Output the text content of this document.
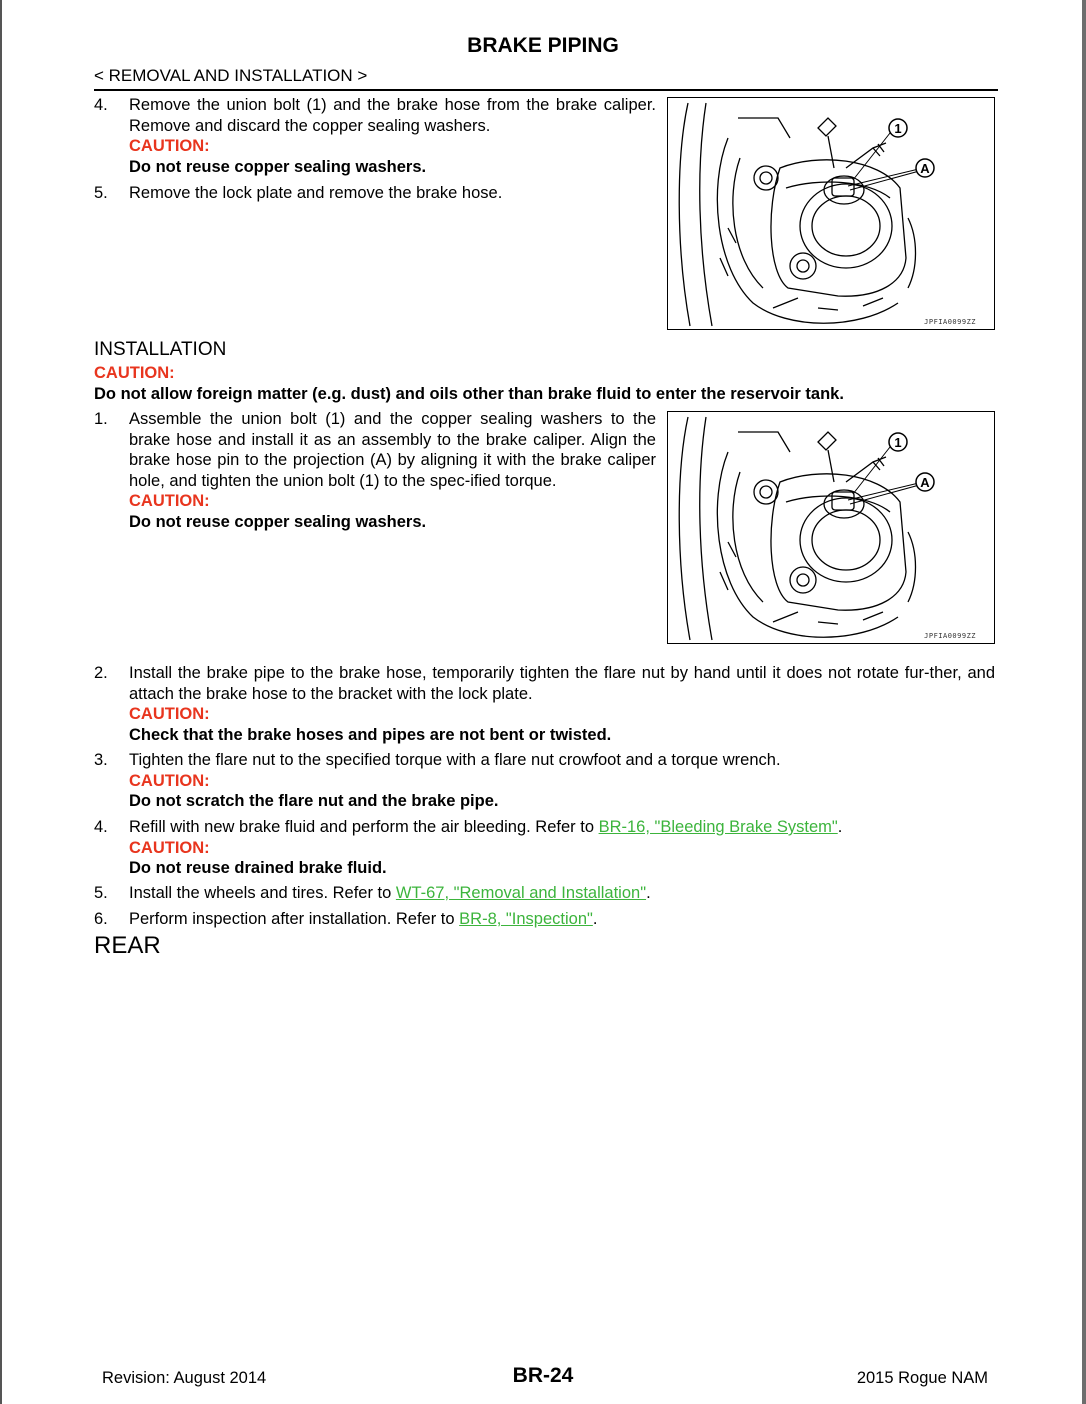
BRAKE PIPING
< REMOVAL AND INSTALLATION >
4.	Remove the union bolt (1) and the brake hose from the brake caliper. Remove and discard the copper sealing washers.
CAUTION:
Do not reuse copper sealing washers.
5.	Remove the lock plate and remove the brake hose.
1
A
JPFIA0099ZZ
INSTALLATION
CAUTION:
Do not allow foreign matter (e.g. dust) and oils other than brake fluid to enter the reservoir tank.
1.	Assemble the union bolt (1) and the copper sealing washers to the brake hose and install it as an assembly to the brake caliper. Align the brake hose pin to the projection (A) by aligning it with the brake caliper hole, and tighten the union bolt (1) to the spec-ified torque.
CAUTION:
Do not reuse copper sealing washers.
1
A
JPFIA0099ZZ
2.	Install the brake pipe to the brake hose, temporarily tighten the flare nut by hand until it does not rotate fur-ther, and attach the brake hose to the bracket with the lock plate.
CAUTION:
Check that the brake hoses and pipes are not bent or twisted.
3.	Tighten the flare nut to the specified torque with a flare nut crowfoot and a torque wrench.
CAUTION:
Do not scratch the flare nut and the brake pipe.
4.	Refill with new brake fluid and perform the air bleeding. Refer to BR-16, "Bleeding Brake System".
CAUTION:
Do not reuse drained brake fluid.
5.	Install the wheels and tires. Refer to WT-67, "Removal and Installation".
6.	Perform inspection after installation. Refer to BR-8, "Inspection".
REAR
Revision: August 2014	BR-24	2015 Rogue NAM
